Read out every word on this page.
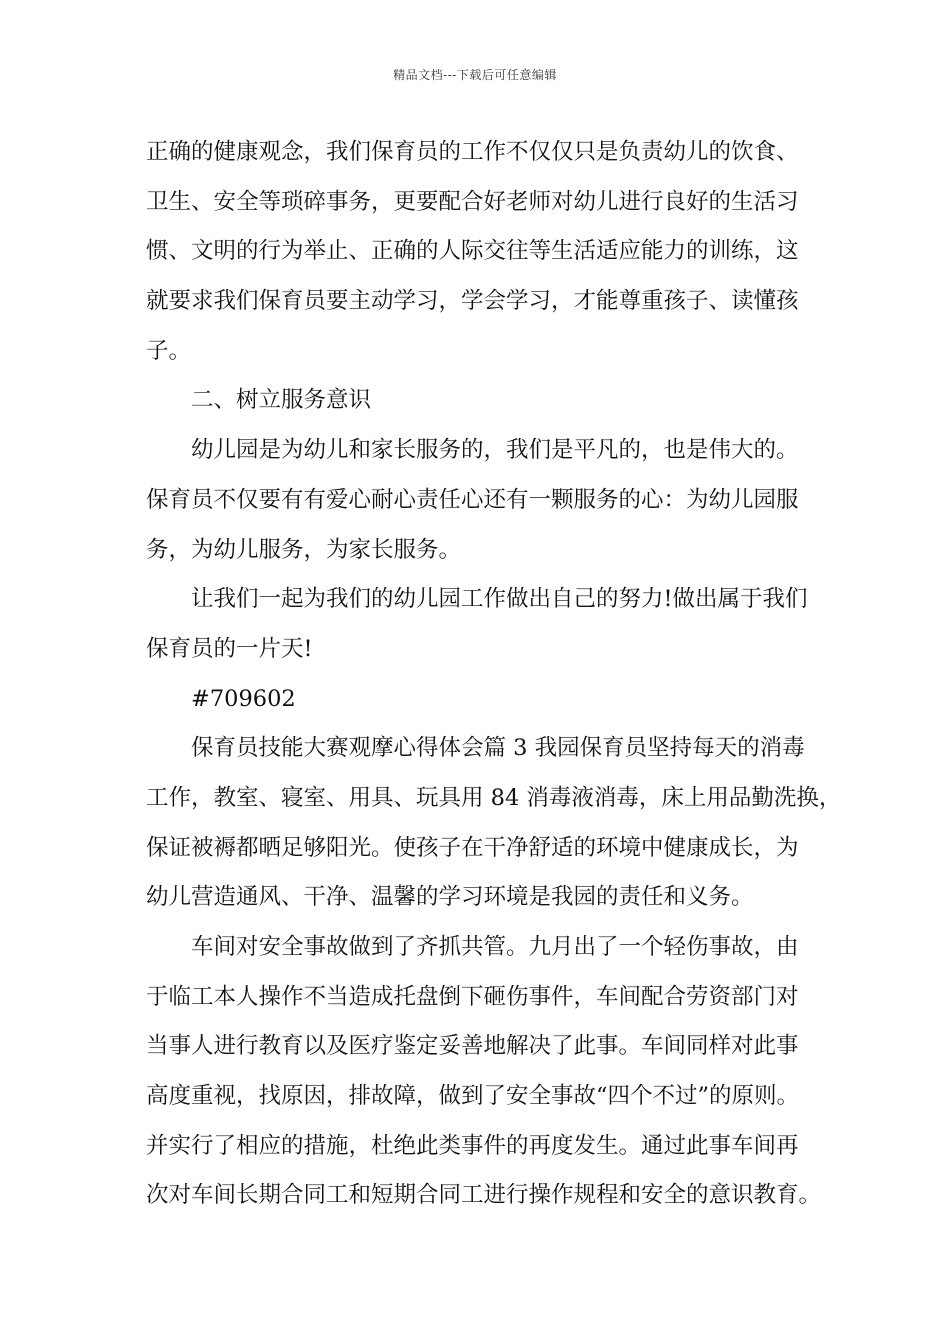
精品文档---下载后可任意编辑
正确的健康观念，我们保育员的工作不仅仅只是负责幼儿的饮食、
卫生、安全等琐碎事务，更要配合好老师对幼儿进行良好的生活习
惯、文明的行为举止、正确的人际交往等生活适应能力的训练，这
就要求我们保育员要主动学习，学会学习，才能尊重孩子、读懂孩
子。
二、树立服务意识
幼儿园是为幼儿和家长服务的，我们是平凡的，也是伟大的。
保育员不仅要有有爱心耐心责任心还有一颗服务的心：为幼儿园服
务，为幼儿服务，为家长服务。
让我们一起为我们的幼儿园工作做出自己的努力!做出属于我们
保育员的一片天!
#709602
保育员技能大赛观摩心得体会篇 3 我园保育员坚持每天的消毒
工作，教室、寝室、用具、玩具用 84 消毒液消毒，床上用品勤洗换，
保证被褥都晒足够阳光。使孩子在干净舒适的环境中健康成长，为
幼儿营造通风、干净、温馨的学习环境是我园的责任和义务。
车间对安全事故做到了齐抓共管。九月出了一个轻伤事故，由
于临工本人操作不当造成托盘倒下砸伤事件，车间配合劳资部门对
当事人进行教育以及医疗鉴定妥善地解决了此事。车间同样对此事
高度重视，找原因，排故障，做到了安全事故“四个不过”的原则。
并实行了相应的措施，杜绝此类事件的再度发生。通过此事车间再
次对车间长期合同工和短期合同工进行操作规程和安全的意识教育。
